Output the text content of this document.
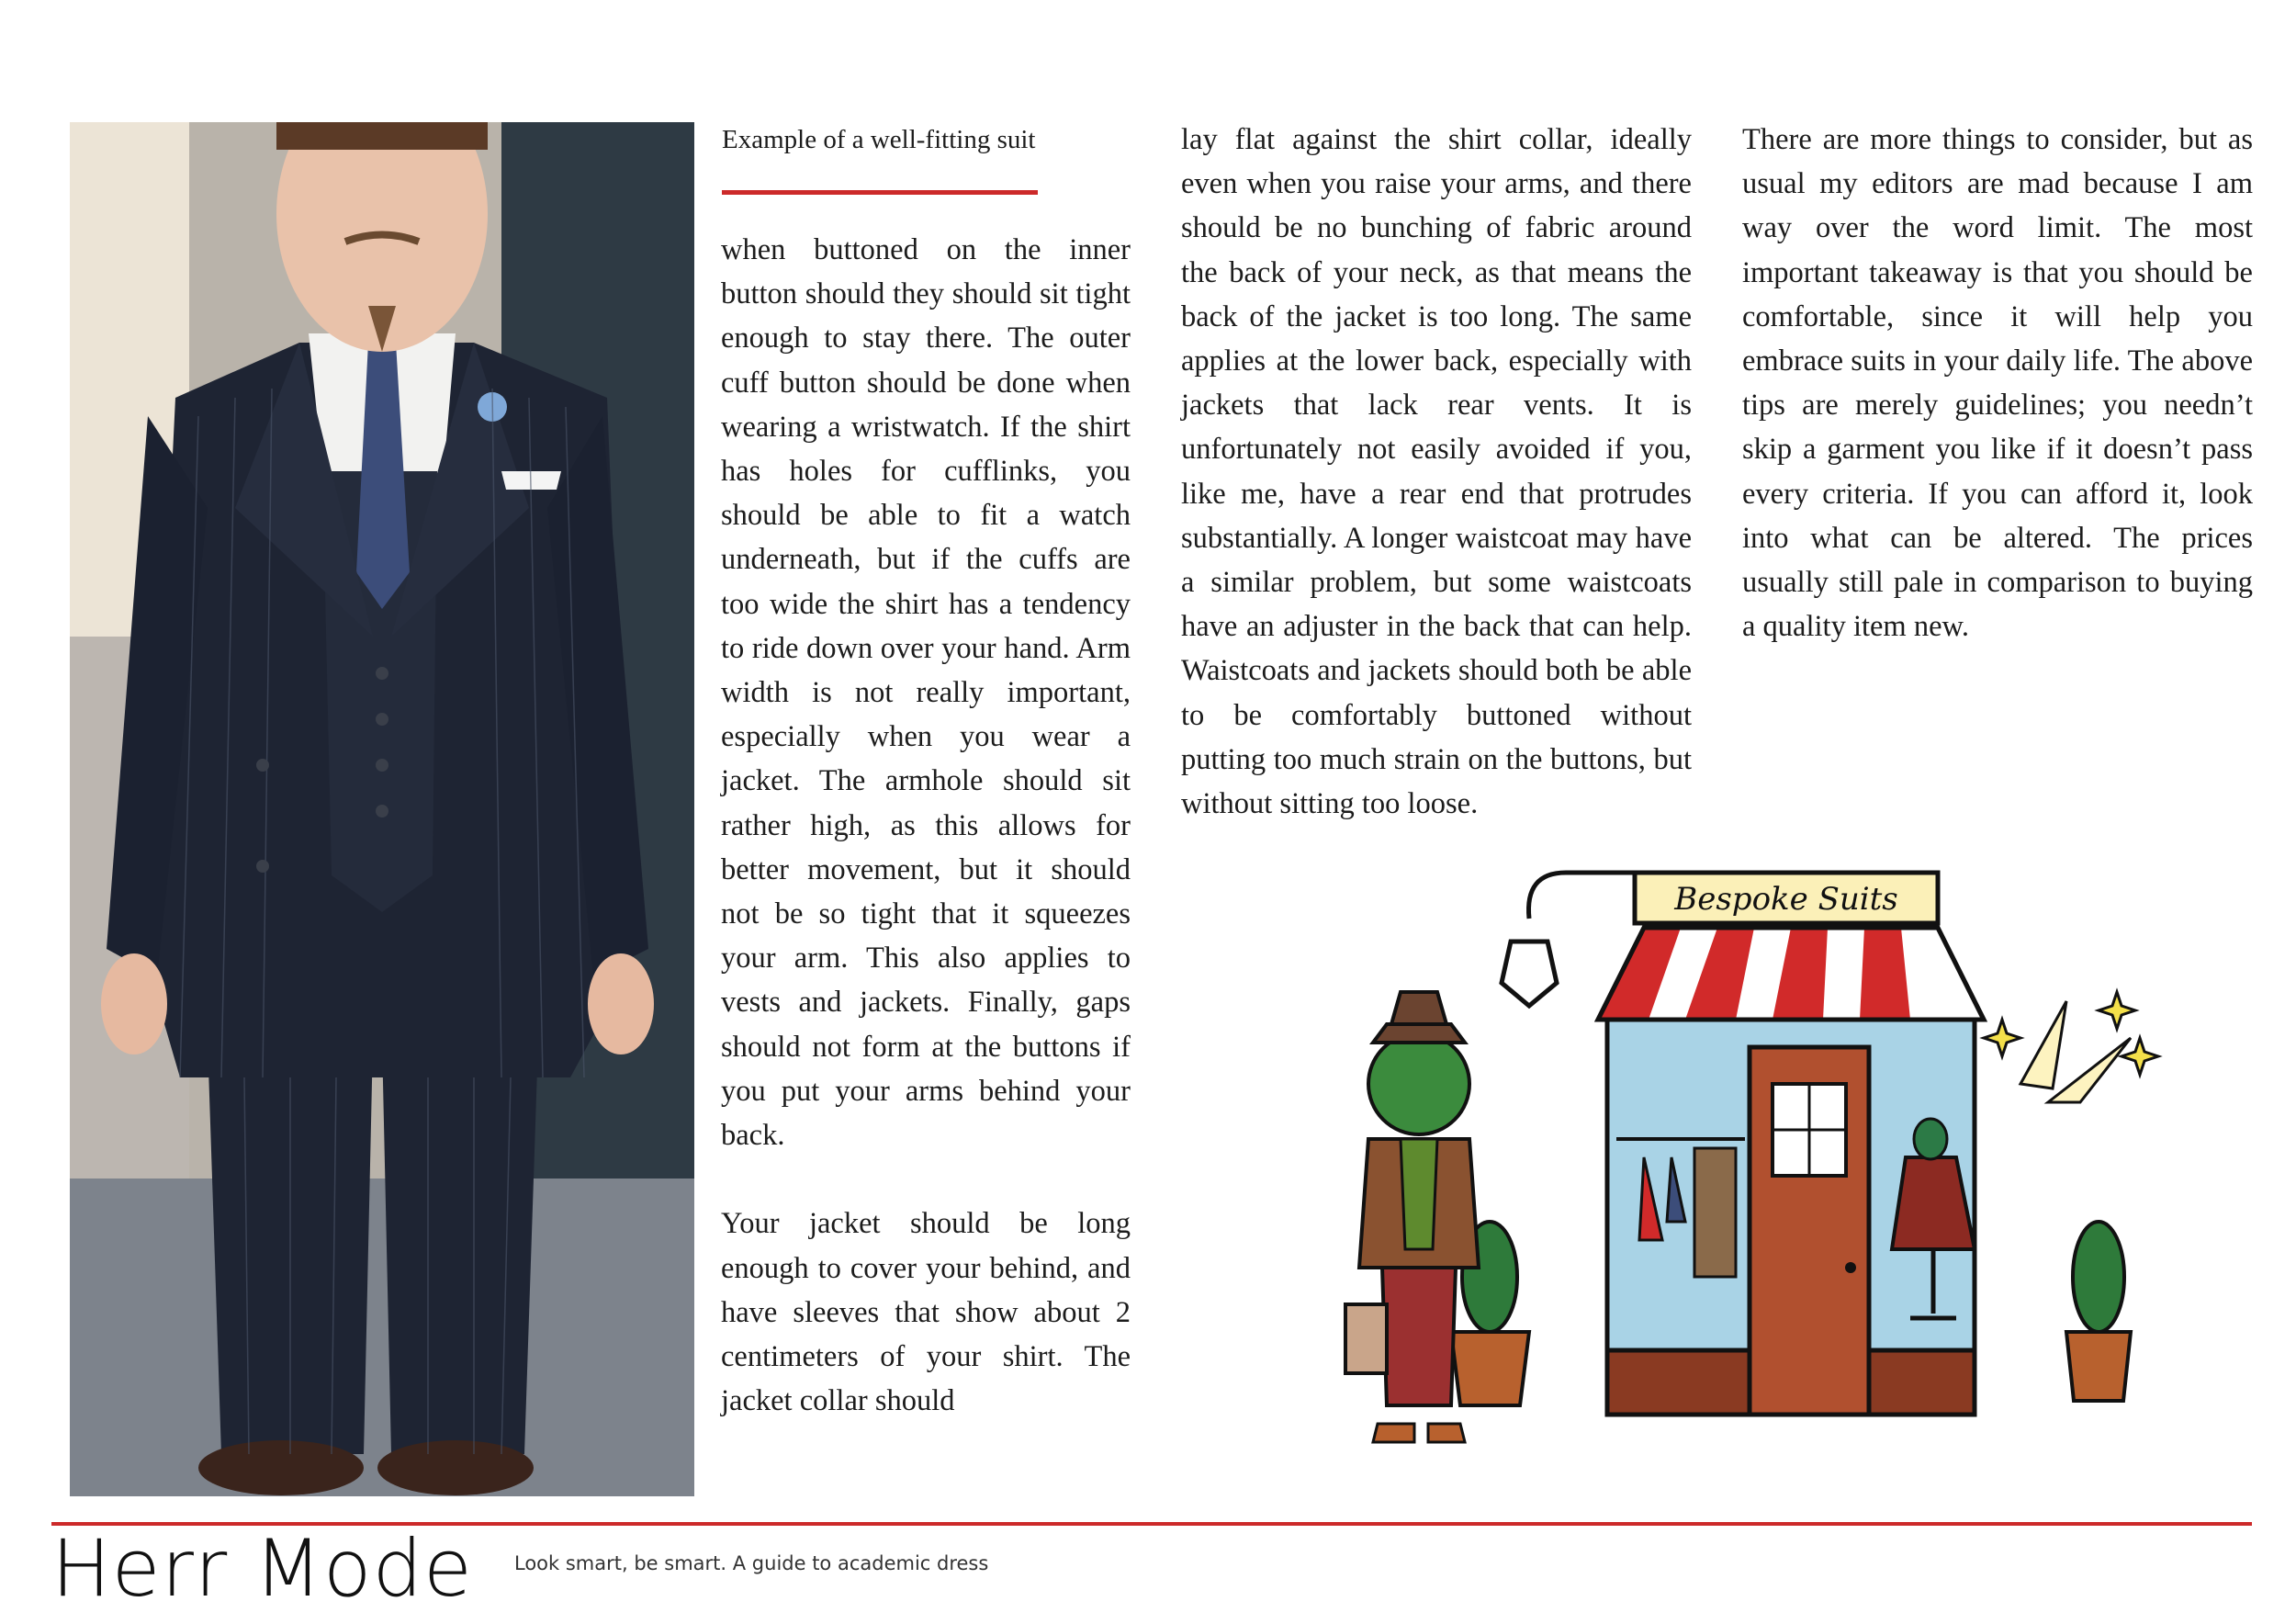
Example of a well-fitting suit

when buttoned on the inner button should they should sit tight enough to stay there. The outer cuff button should be done when wearing a wristwatch. If the shirt has holes for cufflinks, you should be able to fit a watch underneath, but if the cuffs are too wide the shirt has a tendency to ride down over your hand. Arm width is not really important, especially when you wear a jacket. The armhole should sit rather high, as this allows for better movement, but it should not be so tight that it squeezes your arm. This also applies to vests and jackets. Finally, gaps should not form at the buttons if you put your arms behind your back.

Your jacket should be long enough to cover your behind, and have sleeves that show about 2 centimeters of your shirt. The jacket collar should

lay flat against the shirt collar, ideally even when you raise your arms, and there should be no bunching of fabric around the back of your neck, as that means the back of the jacket is too long. The same applies at the lower back, especially with jackets that lack rear vents. It is unfortunately not easily avoided if you, like me, have a rear end that protrudes substantially. A longer waistcoat may have a similar problem, but some waistcoats have an adjuster in the back that can help. Waistcoats and jackets should both be able to be comfortably buttoned without putting too much strain on the buttons, but without sitting too loose.

There are more things to consider, but as usual my editors are mad because I am way over the word limit. The most important takeaway is that you should be comfortable, since it will help you embrace suits in your daily life. The above tips are merely guidelines; you needn’t skip a garment you like if it doesn’t pass every criteria. If you can afford it, look into what can be altered. The prices usually still pale in comparison to buying a quality item new.

Bespoke Suits

Herr Mode Look smart, be smart. A guide to academic dress
